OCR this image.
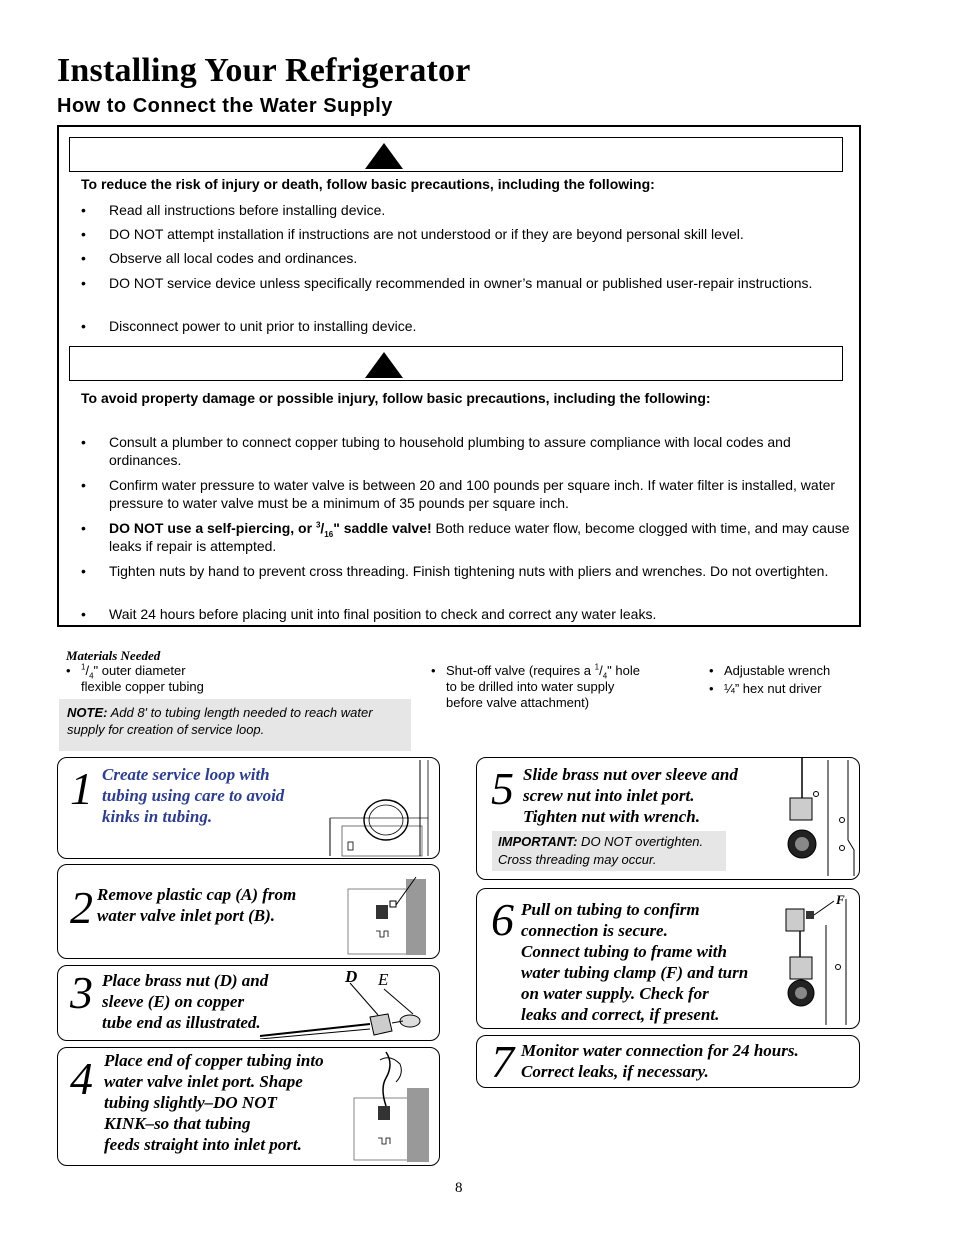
Installing Your Refrigerator
How to Connect the Water Supply
To reduce the risk of injury or death, follow basic precautions, including the following:
• Read all instructions before installing device.
• DO NOT attempt installation if instructions are not understood or if they are beyond personal skill level.
• Observe all local codes and ordinances.
• DO NOT service device unless specifically recommended in owner’s manual or published user-repair instructions.
• Disconnect power to unit prior to installing device.
To avoid property damage or possible injury, follow basic precautions, including the following:
• Consult a plumber to connect copper tubing to household plumbing to assure compliance with local codes and ordinances.
• Confirm water pressure to water valve is between 20 and 100 pounds per square inch. If water filter is installed, water pressure to water valve must be a minimum of 35 pounds per square inch.
• DO NOT use a self-piercing, or $^3/_{16}$" saddle valve! Both reduce water flow, become clogged with time, and may cause leaks if repair is attempted.
• Tighten nuts by hand to prevent cross threading. Finish tightening nuts with pliers and wrenches. Do not overtighten.
• Wait 24 hours before placing unit into final position to check and correct any water leaks.
Materials Needed
• $^1/_4$" outer diameter
flexible copper tubing
• Shut-off valve (requires a $^1/_4$" hole
to be drilled into water supply
before valve attachment)
• Adjustable wrench
• ¼” hex nut driver
NOTE: Add 8' to tubing length needed to reach water supply for creation of service loop.
1 Create service loop with
tubing using care to avoid
kinks in tubing.
2 Remove plastic cap (A) from
water valve inlet port (B).
3 Place brass nut (D) and
sleeve (E) on copper
tube end as illustrated.
D E
4 Place end of copper tubing into
water valve inlet port. Shape
tubing slightly–DO NOT
KINK–so that tubing
feeds straight into inlet port.
5 Slide brass nut over sleeve and
screw nut into inlet port.
Tighten nut with wrench.
IMPORTANT: DO NOT overtighten.
Cross threading may occur.
6 Pull on tubing to confirm
connection is secure.
Connect tubing to frame with
water tubing clamp (F) and turn
on water supply. Check for
leaks and correct, if present.
F
7 Monitor water connection for 24 hours.
Correct leaks, if necessary.
8
